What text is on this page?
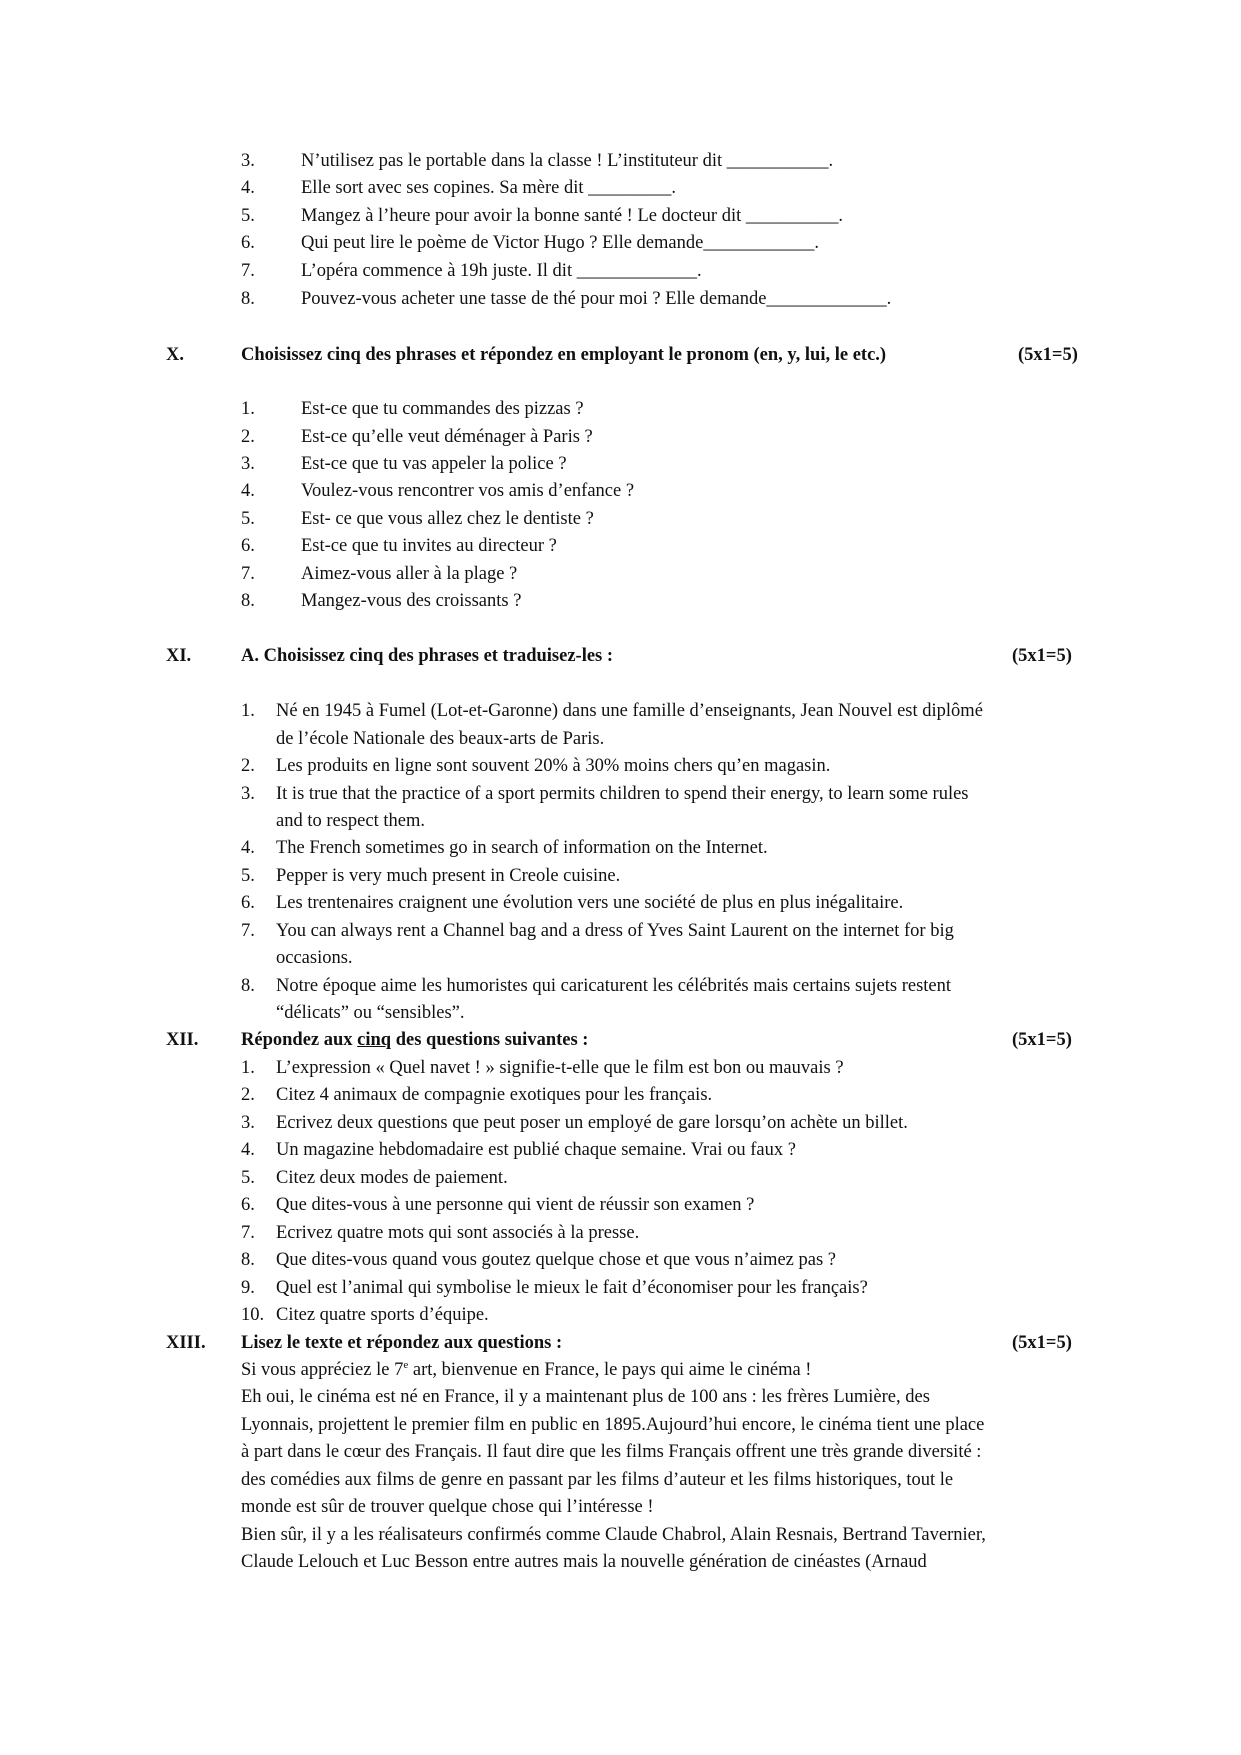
3. N’utilisez pas le portable dans la classe ! L’instituteur dit ___________.
4. Elle sort avec ses copines. Sa mère dit _________.
5. Mangez à l’heure pour avoir la bonne santé ! Le docteur dit __________.
6. Qui peut lire le poème de Victor Hugo ? Elle demande____________.
7. L’opéra commence à 19h juste. Il dit _____________.
8. Pouvez-vous acheter une tasse de thé pour moi ? Elle demande_____________.
X.	Choisissez cinq des phrases et répondez en employant le pronom (en, y, lui, le etc.)	(5x1=5)
1. Est-ce que tu commandes des pizzas ?
2. Est-ce qu’elle veut déménager à Paris ?
3. Est-ce que tu vas appeler la police ?
4. Voulez-vous rencontrer vos amis d’enfance ?
5. Est- ce que vous allez chez le dentiste ?
6. Est-ce que tu invites au directeur ?
7. Aimez-vous aller à la plage ?
8. Mangez-vous des croissants ?
XI.	A. Choisissez cinq des phrases et traduisez-les :	(5x1=5)
1. Né en 1945 à Fumel (Lot-et-Garonne) dans une famille d’enseignants, Jean Nouvel est diplômé
de l’école Nationale des beaux-arts de Paris.
2. Les produits en ligne sont souvent 20% à 30% moins chers qu’en magasin.
3. It is true that the practice of a sport permits children to spend their energy, to learn some rules
and to respect them.
4. The French sometimes go in search of information on the Internet.
5. Pepper is very much present in Creole cuisine.
6. Les trentenaires craignent une évolution vers une société de plus en plus inégalitaire.
7. You can always rent a Channel bag and a dress of Yves Saint Laurent on the internet for big
occasions.
8. Notre époque aime les humoristes qui caricaturent les célébrités mais certains sujets restent
“délicats” ou “sensibles”.
XII. Répondez aux cinq des questions suivantes :	(5x1=5)
1. L’expression « Quel navet ! » signifie-t-elle que le film est bon ou mauvais ?
2. Citez 4 animaux de compagnie exotiques pour les français.
3. Ecrivez deux questions que peut poser un employé de gare lorsqu’on achète un billet.
4. Un magazine hebdomadaire est publié chaque semaine. Vrai ou faux ?
5. Citez deux modes de paiement.
6. Que dites-vous à une personne qui vient de réussir son examen ?
7. Ecrivez quatre mots qui sont associés à la presse.
8. Que dites-vous quand vous goutez quelque chose et que vous n’aimez pas ?
9. Quel est l’animal qui symbolise le mieux le fait d’économiser pour les français?
10. Citez quatre sports d’équipe.
XIII. Lisez le texte et répondez aux questions :	(5x1=5)
Si vous appréciez le 7e art, bienvenue en France, le pays qui aime le cinéma !
Eh oui, le cinéma est né en France, il y a maintenant plus de 100 ans : les frères Lumière, des
Lyonnais, projettent le premier film en public en 1895.Aujourd’hui encore, le cinéma tient une place
à part dans le cœur des Français. Il faut dire que les films Français offrent une très grande diversité :
des comédies aux films de genre en passant par les films d’auteur et les films historiques, tout le
monde est sûr de trouver quelque chose qui l’intéresse !
Bien sûr, il y a les réalisateurs confirmés comme Claude Chabrol, Alain Resnais, Bertrand Tavernier,
Claude Lelouch et Luc Besson entre autres mais la nouvelle génération de cinéastes (Arnaud
